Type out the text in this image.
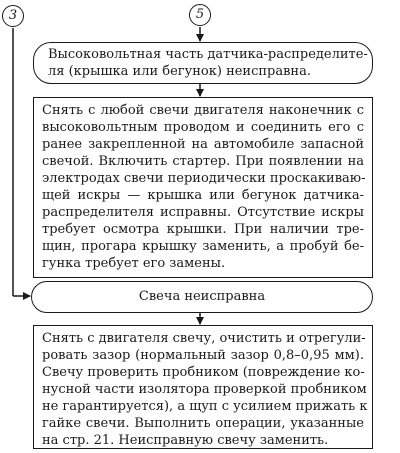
3	5
Высоковольтная часть датчика-распределите-
ля (крышка или бегунок) неисправна.
Снять с любой свечи двигателя наконечник с
высоковольтным проводом и соединить его с
ранее закрепленной на автомобиле запасной
свечой. Включить стартер. При появлении на
электродах свечи периодически проскакиваю-
щей искры — крышка или бегунок датчика-
распределителя исправны. Отсутствие искры
требует осмотра крышки. При наличии тре-
щин, прогара крышку заменить, а пробуй бе-
гунка требует его замены.
Свеча неисправна
Снять с двигателя свечу, очистить и отрегули-
ровать зазор (нормальный зазор 0,8–0,95 мм).
Свечу проверить пробником (повреждение ко-
нусной части изолятора проверкой пробником
не гарантируется), а щуп с усилием прижать к
гайке свечи. Выполнить операции, указанные
на стр. 21. Неисправную свечу заменить.
